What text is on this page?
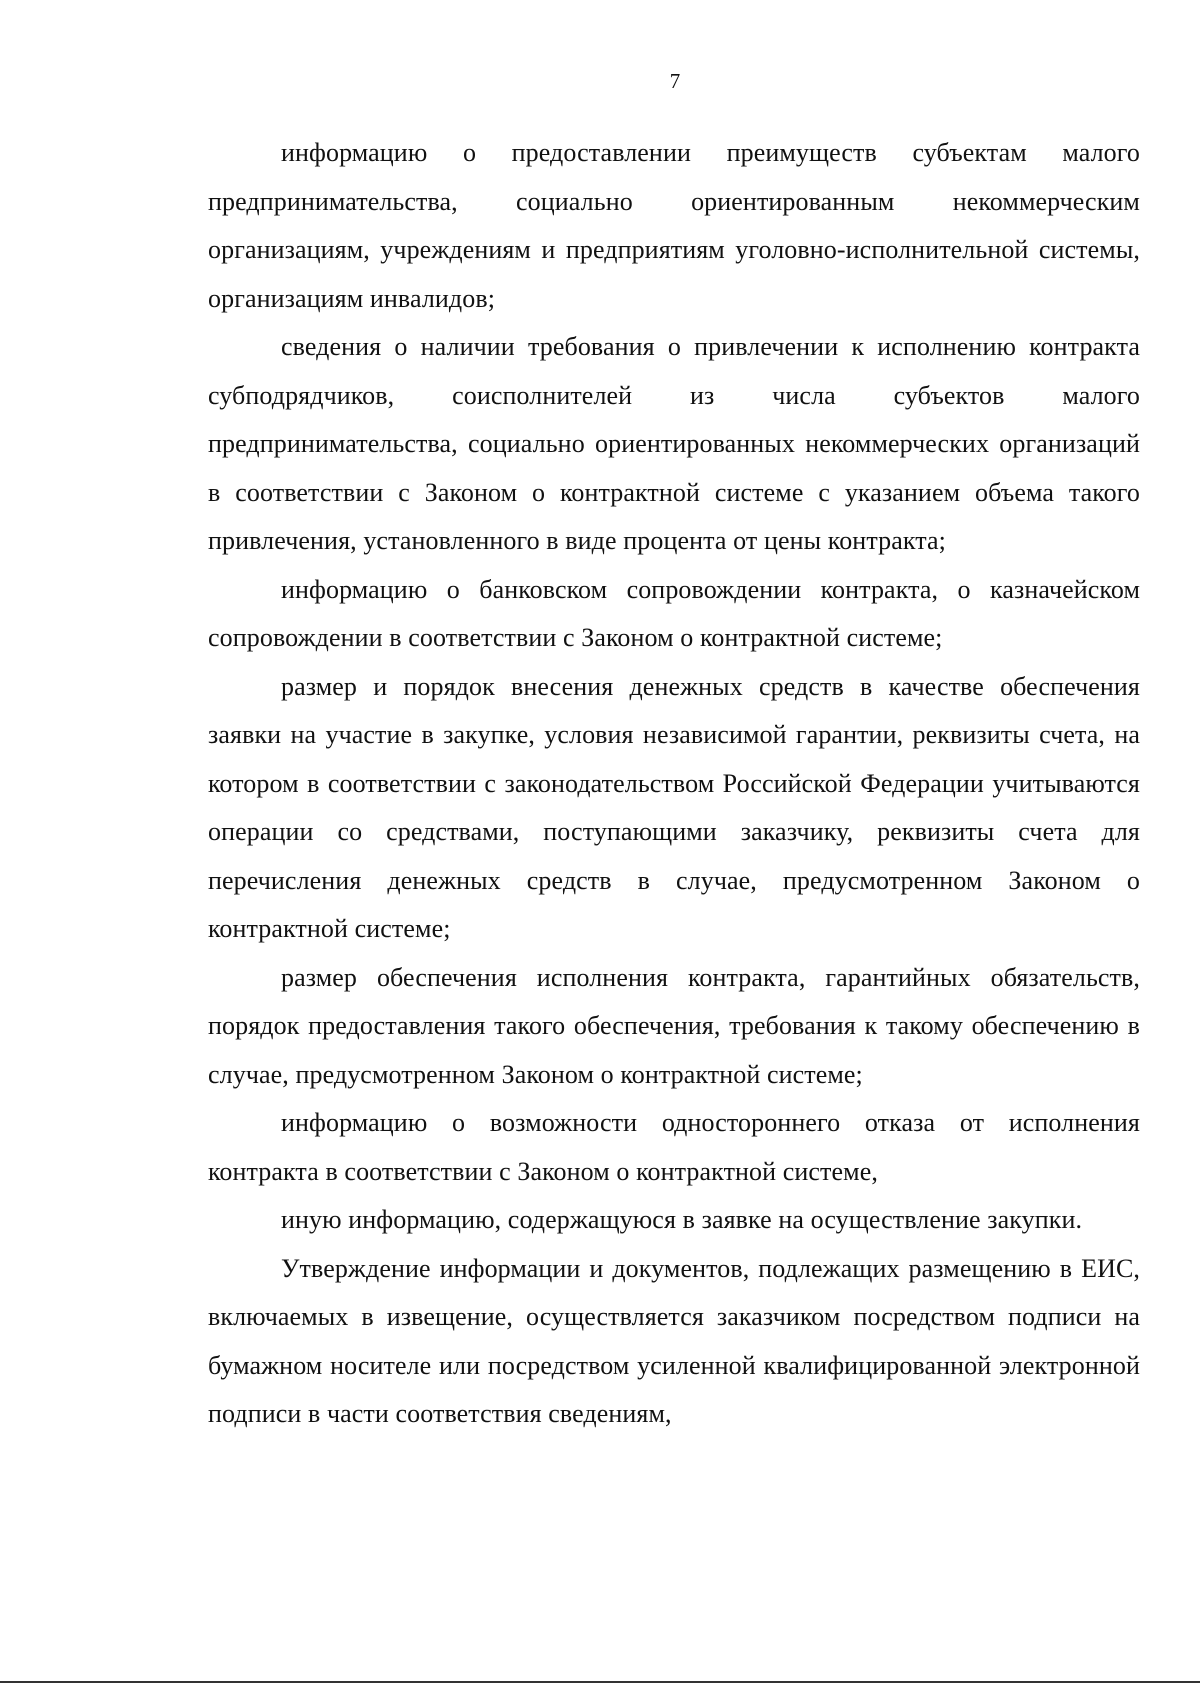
7

информацию о предоставлении преимуществ субъектам малого предпринимательства, социально ориентированным некоммерческим организациям, учреждениям и предприятиям уголовно-исполнительной системы, организациям инвалидов;

сведения о наличии требования о привлечении к исполнению контракта субподрядчиков, соисполнителей из числа субъектов малого предпринимательства, социально ориентированных некоммерческих организаций в соответствии с Законом о контрактной системе с указанием объема такого привлечения, установленного в виде процента от цены контракта;

информацию о банковском сопровождении контракта, о казначейском сопровождении в соответствии с Законом о контрактной системе;

размер и порядок внесения денежных средств в качестве обеспечения заявки на участие в закупке, условия независимой гарантии, реквизиты счета, на котором в соответствии с законодательством Российской Федерации учитываются операции со средствами, поступающими заказчику, реквизиты счета для перечисления денежных средств в случае, предусмотренном Законом о контрактной системе;

размер обеспечения исполнения контракта, гарантийных обязательств, порядок предоставления такого обеспечения, требования к такому обеспечению в случае, предусмотренном Законом о контрактной системе;

информацию о возможности одностороннего отказа от исполнения контракта в соответствии с Законом о контрактной системе,

иную информацию, содержащуюся в заявке на осуществление закупки.

Утверждение информации и документов, подлежащих размещению в ЕИС, включаемых в извещение, осуществляется заказчиком посредством подписи на бумажном носителе или посредством усиленной квалифицированной электронной подписи в части соответствия сведениям,
